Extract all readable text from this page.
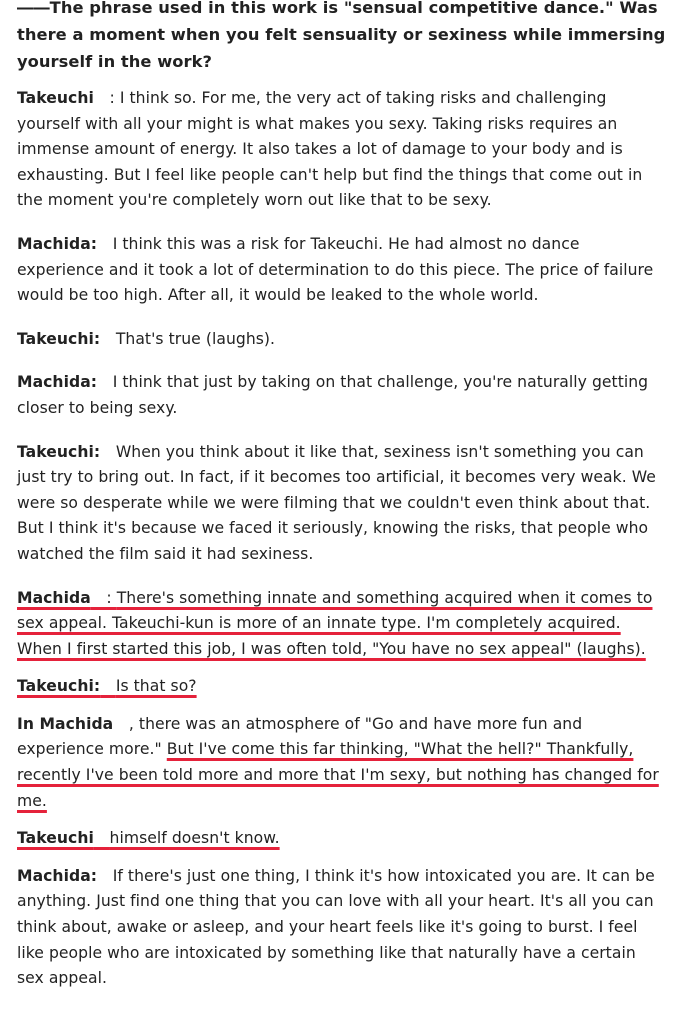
――The phrase used in this work is "sensual competitive dance." Was there a moment when you felt sensuality or sexiness while immersing yourself in the work?
Takeuchi　: I think so. For me, the very act of taking risks and challenging yourself with all your might is what makes you sexy. Taking risks requires an immense amount of energy. It also takes a lot of damage to your body and is exhausting. But I feel like people can't help but find the things that come out in the moment you're completely worn out like that to be sexy.
Machida:　 I think this was a risk for Takeuchi. He had almost no dance experience and it took a lot of determination to do this piece. The price of failure would be too high. After all, it would be leaked to the whole world.
Takeuchi:　 That's true (laughs).
Machida:　 I think that just by taking on that challenge, you're naturally getting closer to being sexy.
Takeuchi:　 When you think about it like that, sexiness isn't something you can just try to bring out. In fact, if it becomes too artificial, it becomes very weak. We were so desperate while we were filming that we couldn't even think about that. But I think it's because we faced it seriously, knowing the risks, that people who watched the film said it had sexiness.
Machida　: There's something innate and something acquired when it comes to sex appeal. Takeuchi-kun is more of an innate type. I'm completely acquired. When I first started this job, I was often told, "You have no sex appeal" (laughs).
Takeuchi:　 Is that so?
In Machida　, there was an atmosphere of "Go and have more fun and experience more." But I've come this far thinking, "What the hell?" Thankfully, recently I've been told more and more that I'm sexy, but nothing has changed for me.
Takeuchi　 himself doesn't know.
Machida:　 If there's just one thing, I think it's how intoxicated you are. It can be anything. Just find one thing that you can love with all your heart. It's all you can think about, awake or asleep, and your heart feels like it's going to burst. I feel like people who are intoxicated by something like that naturally have a certain sex appeal.
